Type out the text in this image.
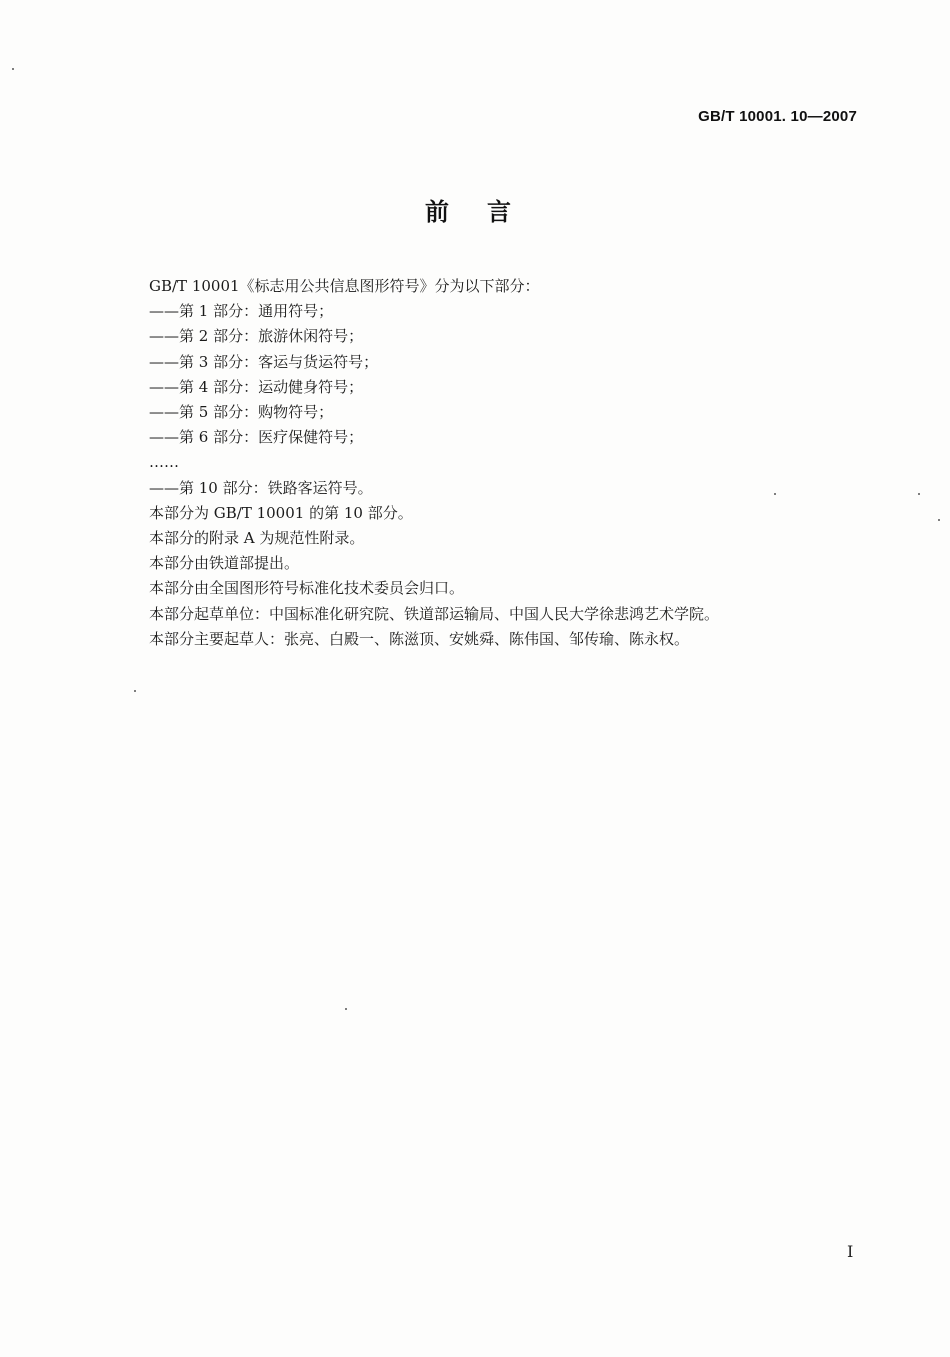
GB/T 10001. 10—2007
前言
GB/T 10001《标志用公共信息图形符号》分为以下部分：
——第 1 部分：通用符号；
——第 2 部分：旅游休闲符号；
——第 3 部分：客运与货运符号；
——第 4 部分：运动健身符号；
——第 5 部分：购物符号；
——第 6 部分：医疗保健符号；
……
——第 10 部分：铁路客运符号。
本部分为 GB/T 10001 的第 10 部分。
本部分的附录 A 为规范性附录。
本部分由铁道部提出。
本部分由全国图形符号标准化技术委员会归口。
本部分起草单位：中国标准化研究院、铁道部运输局、中国人民大学徐悲鸿艺术学院。
本部分主要起草人：张亮、白殿一、陈滋顶、安姚舜、陈伟国、邹传瑜、陈永权。
I
